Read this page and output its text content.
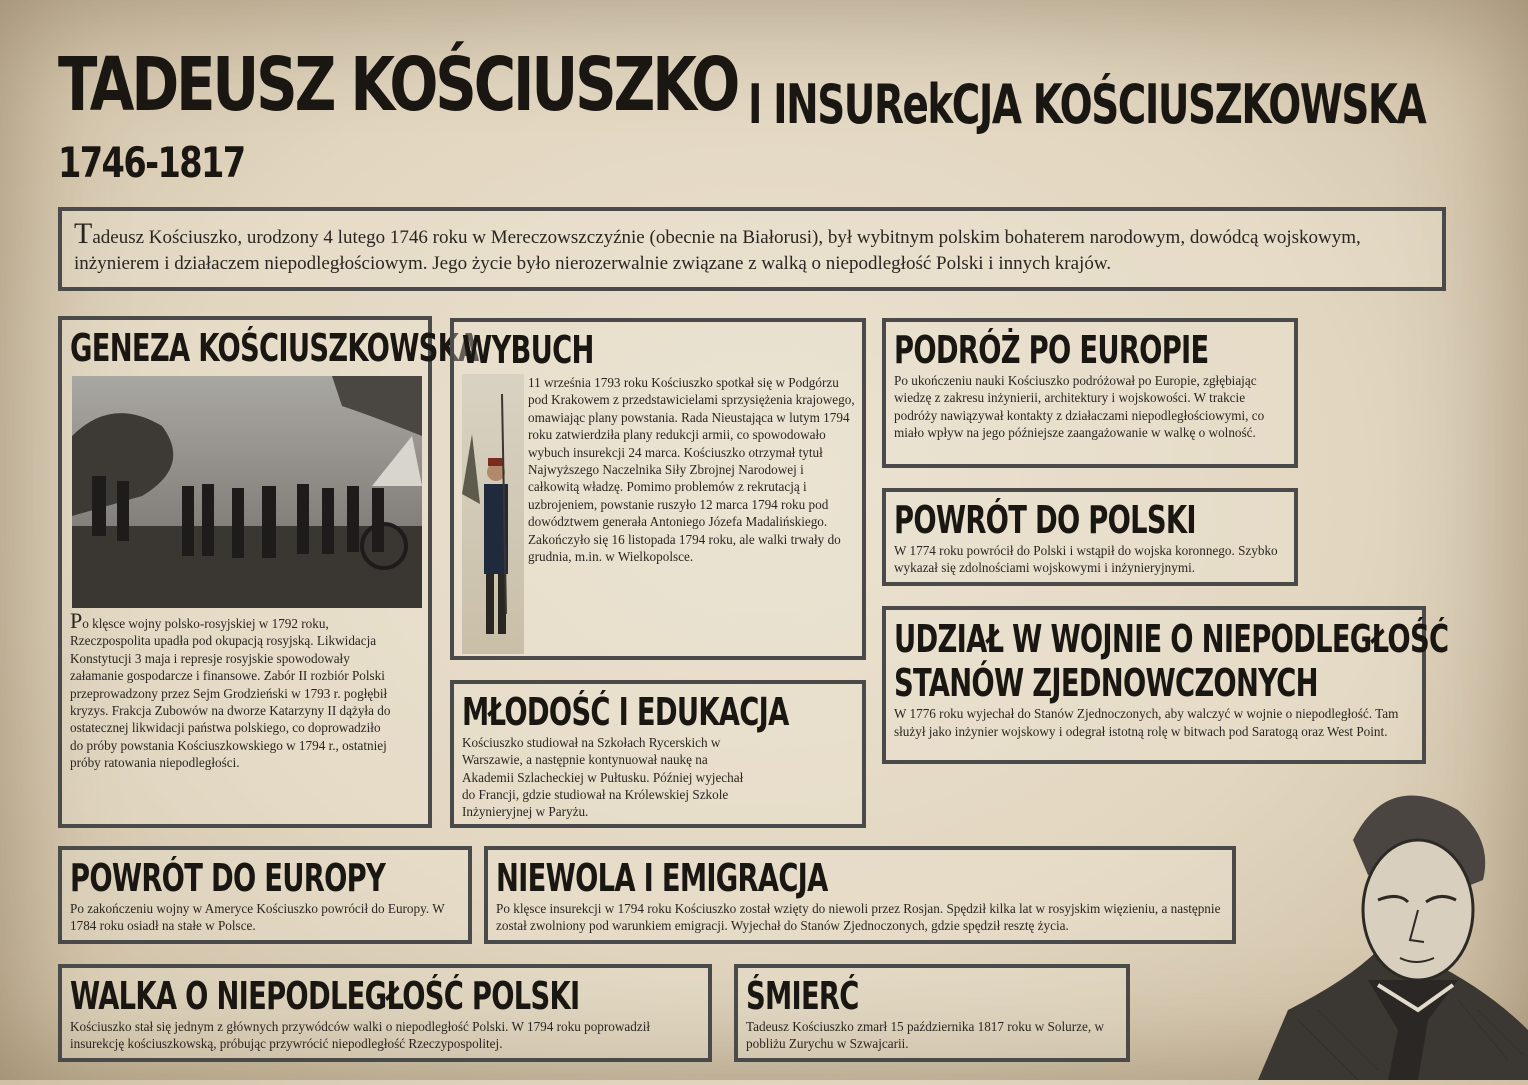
TADEUSZ KOŚCIUSZKO I INSURekCJA KOŚCIUSZKOWSKA
1746-1817

Tadeusz Kościuszko, urodzony 4 lutego 1746 roku w Mereczowszczyźnie (obecnie na Białorusi), był wybitnym polskim bohaterem narodowym, dowódcą wojskowym, inżynierem i działaczem niepodległościowym. Jego życie było nierozerwalnie związane z walką o niepodległość Polski i innych krajów.

GENEZA KOŚCIUSZKOWSKA

Po klęsce wojny polsko-rosyjskiej w 1792 roku, Rzeczpospolita upadła pod okupacją rosyjską. Likwidacja Konstytucji 3 maja i represje rosyjskie spowodowały załamanie gospodarcze i finansowe. Zabór II rozbiór Polski przeprowadzony przez Sejm Grodzieński w 1793 r. pogłębił kryzys. Frakcja Zubowów na dworze Katarzyny II dążyła do ostatecznej likwidacji państwa polskiego, co doprowadziło do próby powstania Kościuszkowskiego w 1794 r., ostatniej próby ratowania niepodległości.

WYBUCH

11 września 1793 roku Kościuszko spotkał się w Podgórzu pod Krakowem z przedstawicielami sprzysiężenia krajowego, omawiając plany powstania. Rada Nieustająca w lutym 1794 roku zatwierdziła plany redukcji armii, co spowodowało wybuch insurekcji 24 marca. Kościuszko otrzymał tytuł Najwyższego Naczelnika Siły Zbrojnej Narodowej i całkowitą władzę. Pomimo problemów z rekrutacją i uzbrojeniem, powstanie ruszyło 12 marca 1794 roku pod dowództwem generała Antoniego Józefa Madalińskiego. Zakończyło się 16 listopada 1794 roku, ale walki trwały do grudnia, m.in. w Wielkopolsce.

PODRÓŻ PO EUROPIE

Po ukończeniu nauki Kościuszko podróżował po Europie, zgłębiając wiedzę z zakresu inżynierii, architektury i wojskowości. W trakcie podróży nawiązywał kontakty z działaczami niepodległościowymi, co miało wpływ na jego późniejsze zaangażowanie w walkę o wolność.

POWRÓT DO POLSKI

W 1774 roku powrócił do Polski i wstąpił do wojska koronnego. Szybko wykazał się zdolnościami wojskowymi i inżynieryjnymi.

UDZIAŁ W WOJNIE O NIEPODLEGŁOŚĆ
STANÓW ZJEDNOWCZONYCH

W 1776 roku wyjechał do Stanów Zjednoczonych, aby walczyć w wojnie o niepodległość. Tam służył jako inżynier wojskowy i odegrał istotną rolę w bitwach pod Saratogą oraz West Point.

MŁODOŚĆ I EDUKACJA

Kościuszko studiował na Szkołach Rycerskich w Warszawie, a następnie kontynuował naukę na Akademii Szlacheckiej w Pułtusku. Później wyjechał do Francji, gdzie studiował na Królewskiej Szkole Inżynieryjnej w Paryżu.

POWRÓT DO EUROPY

Po zakończeniu wojny w Ameryce Kościuszko powrócił do Europy. W 1784 roku osiadł na stałe w Polsce.

NIEWOLA I EMIGRACJA

Po klęsce insurekcji w 1794 roku Kościuszko został wzięty do niewoli przez Rosjan. Spędził kilka lat w rosyjskim więzieniu, a następnie został zwolniony pod warunkiem emigracji. Wyjechał do Stanów Zjednoczonych, gdzie spędził resztę życia.

WALKA O NIEPODLEGŁOŚĆ POLSKI

Kościuszko stał się jednym z głównych przywódców walki o niepodległość Polski. W 1794 roku poprowadził insurekcję kościuszkowską, próbując przywrócić niepodległość Rzeczypospolitej.

ŚMIERĆ

Tadeusz Kościuszko zmarł 15 października 1817 roku w Solurze, w pobliżu Zurychu w Szwajcarii.
